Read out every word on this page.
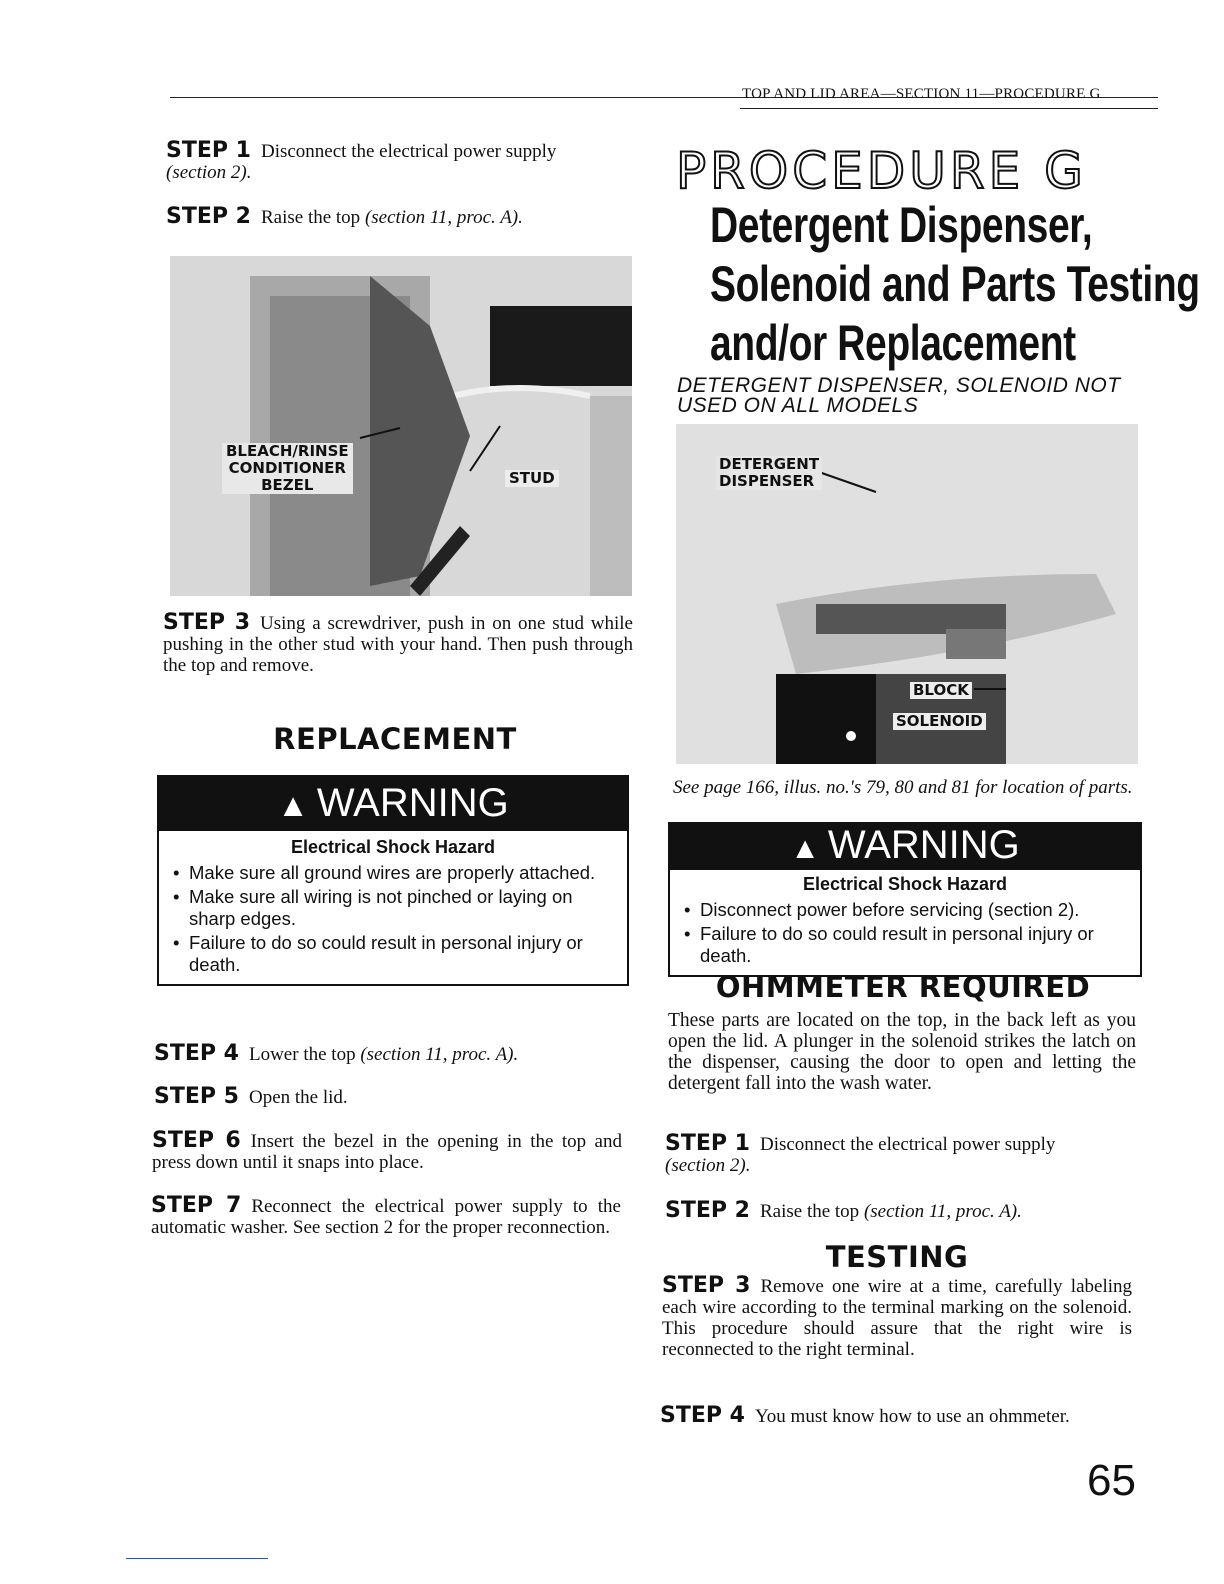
TOP AND LID AREA—SECTION 11—PROCEDURE G
STEP 1 Disconnect the electrical power supply
(section 2).
STEP 2 Raise the top (section 11, proc. A).
BLEACH/RINSE
CONDITIONER
BEZEL	STUD
STEP 3 Using a screwdriver, push in on one stud while pushing in the other stud with your hand. Then push through the top and remove.
REPLACEMENT
▲ WARNING
Electrical Shock Hazard
• Make sure all ground wires are properly attached.
• Make sure all wiring is not pinched or laying on sharp edges.
• Failure to do so could result in personal injury or death.
STEP 4 Lower the top (section 11, proc. A).
STEP 5 Open the lid.
STEP 6 Insert the bezel in the opening in the top and press down until it snaps into place.
STEP 7 Reconnect the electrical power supply to the automatic washer. See section 2 for the proper reconnection.
PROCEDURE G
Detergent Dispenser,
Solenoid and Parts Testing
and/or Replacement
DETERGENT DISPENSER, SOLENOID NOT
USED ON ALL MODELS
DETERGENT
DISPENSER
BLOCK
SOLENOID
See page 166, illus. no.'s 79, 80 and 81 for location of parts.
▲ WARNING
Electrical Shock Hazard
• Disconnect power before servicing (section 2).
• Failure to do so could result in personal injury or death.
OHMMETER REQUIRED
These parts are located on the top, in the back left as you open the lid. A plunger in the solenoid strikes the latch on the dispenser, causing the door to open and letting the detergent fall into the wash water.
STEP 1 Disconnect the electrical power supply
(section 2).
STEP 2 Raise the top (section 11, proc. A).
TESTING
STEP 3 Remove one wire at a time, carefully labeling each wire according to the terminal marking on the solenoid. This procedure should assure that the right wire is reconnected to the right terminal.
STEP 4 You must know how to use an ohmmeter.
65
